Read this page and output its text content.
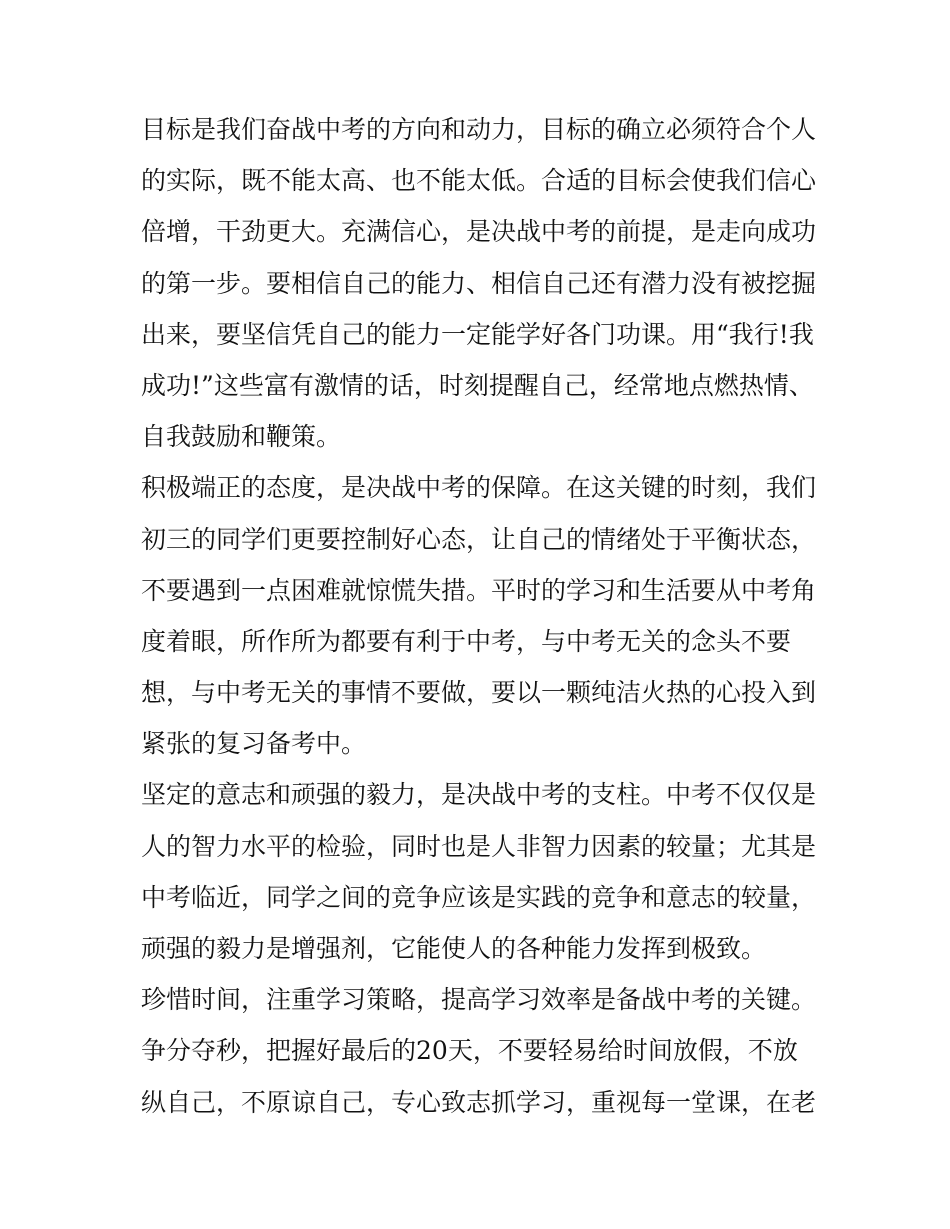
目标是我们奋战中考的方向和动力，目标的确立必须符合个人
的实际，既不能太高、也不能太低。合适的目标会使我们信心
倍增，干劲更大。充满信心，是决战中考的前提，是走向成功
的第一步。要相信自己的能力、相信自己还有潜力没有被挖掘
出来，要坚信凭自己的能力一定能学好各门功课。用“我行!我
成功!”这些富有激情的话，时刻提醒自己，经常地点燃热情、
自我鼓励和鞭策。
积极端正的态度，是决战中考的保障。在这关键的时刻，我们
初三的同学们更要控制好心态，让自己的情绪处于平衡状态，
不要遇到一点困难就惊慌失措。平时的学习和生活要从中考角
度着眼，所作所为都要有利于中考，与中考无关的念头不要
想，与中考无关的事情不要做，要以一颗纯洁火热的心投入到
紧张的复习备考中。
坚定的意志和顽强的毅力，是决战中考的支柱。中考不仅仅是
人的智力水平的检验，同时也是人非智力因素的较量；尤其是
中考临近，同学之间的竞争应该是实践的竞争和意志的较量，
顽强的毅力是增强剂，它能使人的各种能力发挥到极致。
珍惜时间，注重学习策略，提高学习效率是备战中考的关键。
争分夺秒，把握好最后的20天，不要轻易给时间放假，不放
纵自己，不原谅自己，专心致志抓学习，重视每一堂课，在老
